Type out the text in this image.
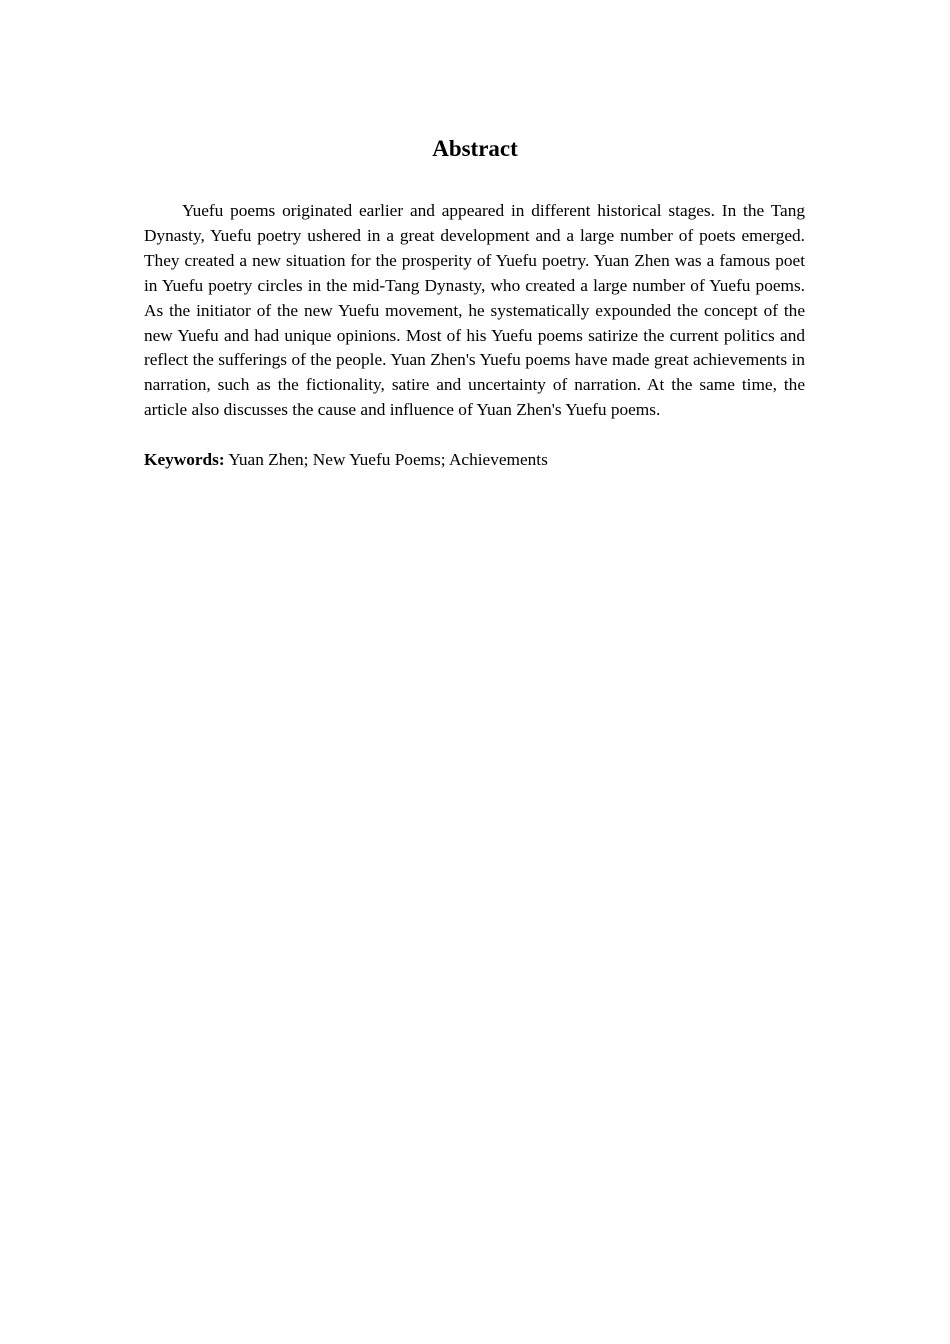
Abstract

Yuefu poems originated earlier and appeared in different historical stages. In the Tang Dynasty, Yuefu poetry ushered in a great development and a large number of poets emerged. They created a new situation for the prosperity of Yuefu poetry. Yuan Zhen was a famous poet in Yuefu poetry circles in the mid-Tang Dynasty, who created a large number of Yuefu poems. As the initiator of the new Yuefu movement, he systematically expounded the concept of the new Yuefu and had unique opinions. Most of his Yuefu poems satirize the current politics and reflect the sufferings of the people. Yuan Zhen's Yuefu poems have made great achievements in narration, such as the fictionality, satire and uncertainty of narration. At the same time, the article also discusses the cause and influence of Yuan Zhen's Yuefu poems.

Keywords: Yuan Zhen; New Yuefu Poems; Achievements
